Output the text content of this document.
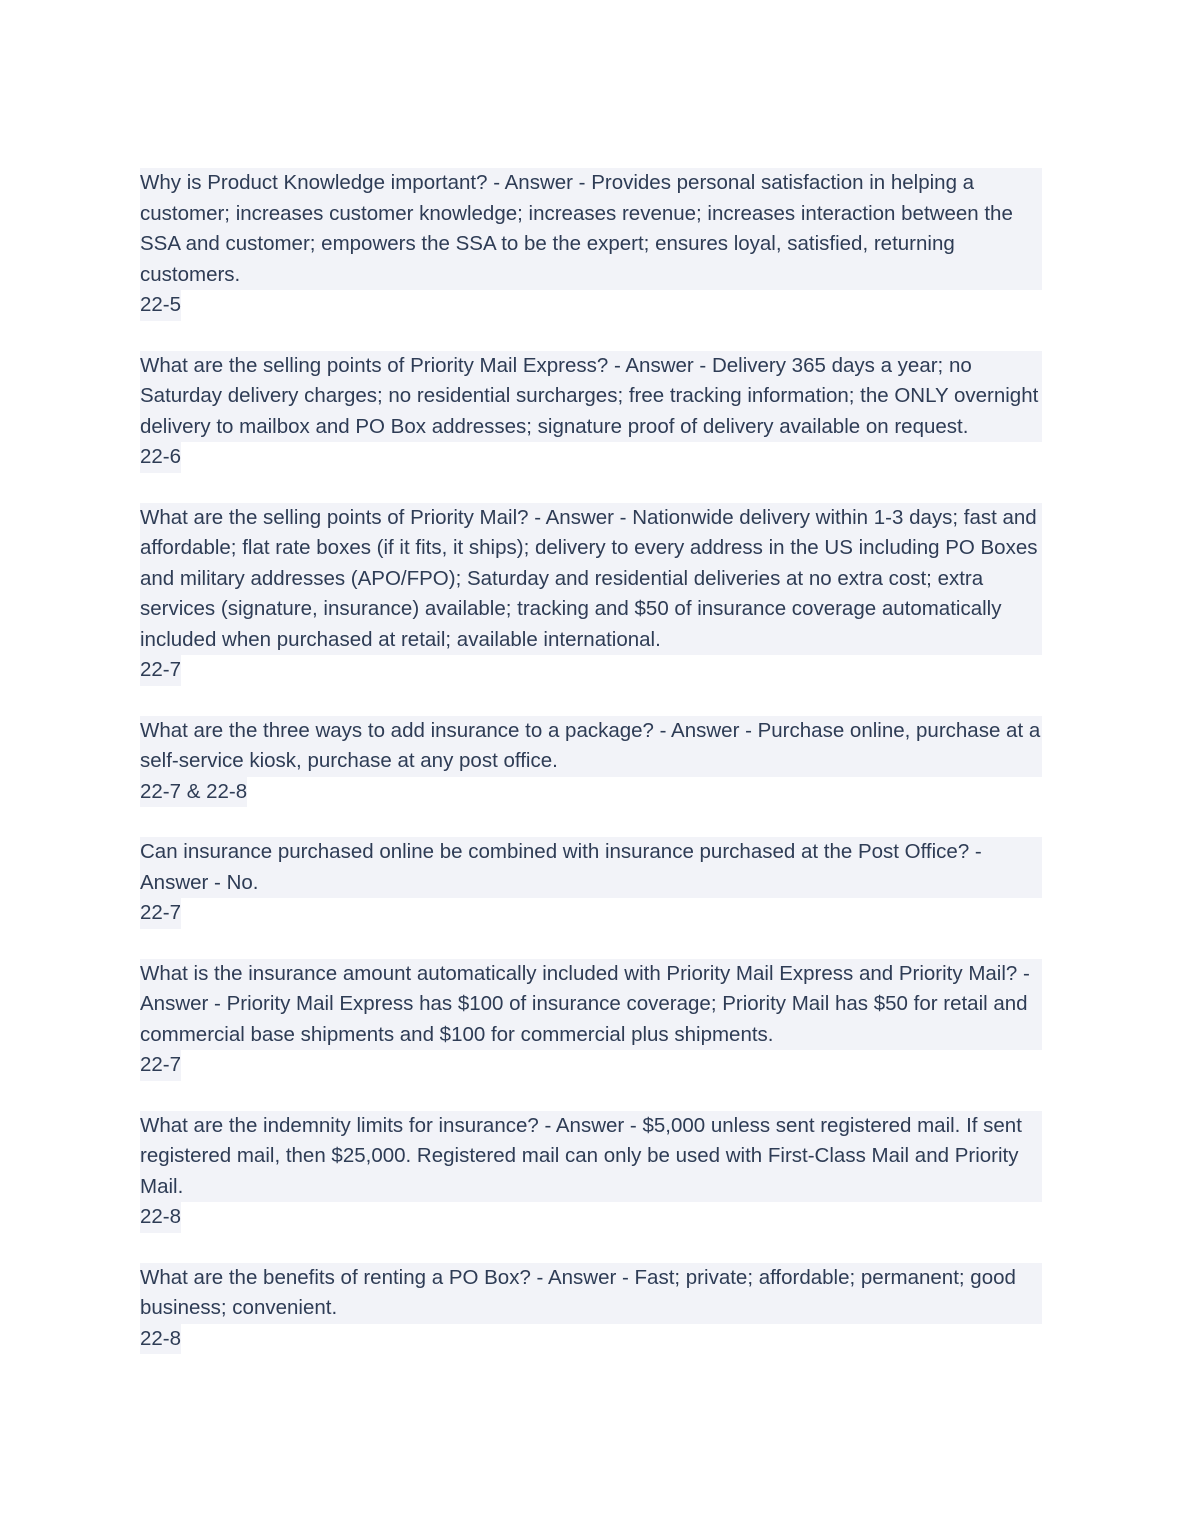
Why is Product Knowledge important? - Answer - Provides personal satisfaction in helping a customer; increases customer knowledge; increases revenue; increases interaction between the SSA and customer; empowers the SSA to be the expert; ensures loyal, satisfied, returning customers.

22-5

What are the selling points of Priority Mail Express? - Answer - Delivery 365 days a year; no Saturday delivery charges; no residential surcharges; free tracking information; the ONLY overnight delivery to mailbox and PO Box addresses; signature proof of delivery available on request.

22-6

What are the selling points of Priority Mail? - Answer - Nationwide delivery within 1-3 days; fast and affordable; flat rate boxes (if it fits, it ships); delivery to every address in the US including PO Boxes and military addresses (APO/FPO); Saturday and residential deliveries at no extra cost; extra services (signature, insurance) available; tracking and $50 of insurance coverage automatically included when purchased at retail; available international.

22-7

What are the three ways to add insurance to a package? - Answer - Purchase online, purchase at a self-service kiosk, purchase at any post office.

22-7 & 22-8

Can insurance purchased online be combined with insurance purchased at the Post Office? - Answer - No.

22-7

What is the insurance amount automatically included with Priority Mail Express and Priority Mail? - Answer - Priority Mail Express has $100 of insurance coverage; Priority Mail has $50 for retail and commercial base shipments and $100 for commercial plus shipments.

22-7

What are the indemnity limits for insurance? - Answer - $5,000 unless sent registered mail. If sent registered mail, then $25,000. Registered mail can only be used with First-Class Mail and Priority Mail.

22-8

What are the benefits of renting a PO Box? - Answer - Fast; private; affordable; permanent; good business; convenient.

22-8
